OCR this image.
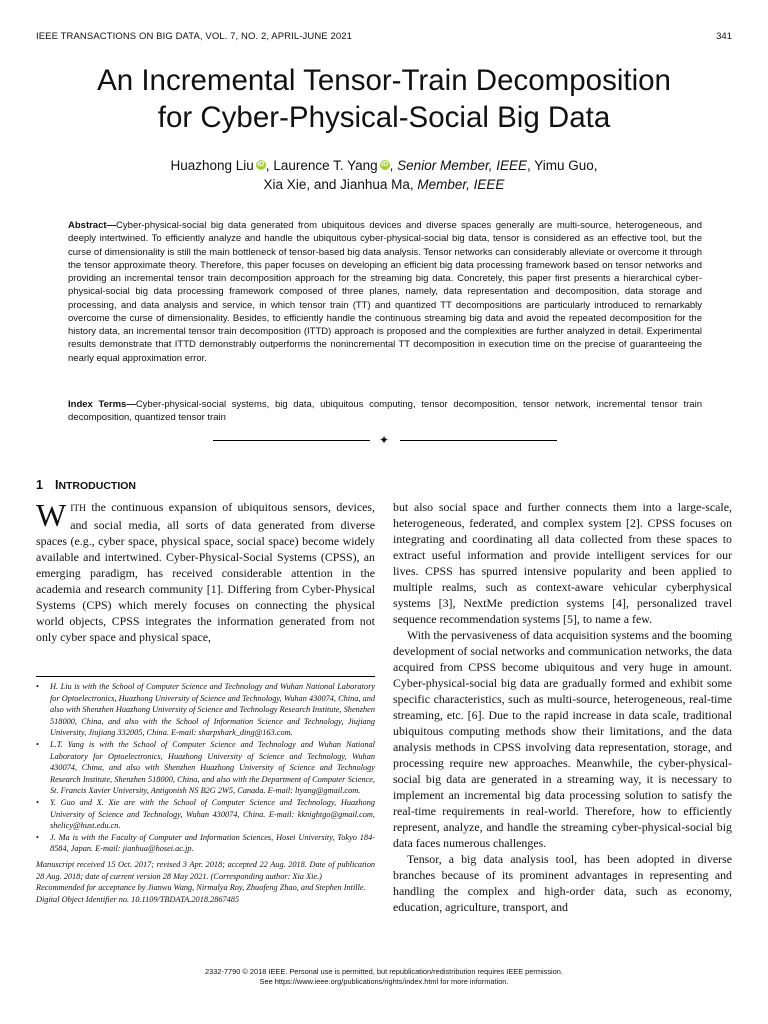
IEEE TRANSACTIONS ON BIG DATA, VOL. 7, NO. 2, APRIL-JUNE 2021	341
An Incremental Tensor-Train Decomposition
for Cyber-Physical-Social Big Data
Huazhong Liu iD , Laurence T. Yang iD , Senior Member, IEEE, Yimu Guo,
Xia Xie, and Jianhua Ma, Member, IEEE
Abstract—Cyber-physical-social big data generated from ubiquitous devices and diverse spaces generally are multi-source, heterogeneous, and deeply intertwined. To efficiently analyze and handle the ubiquitous cyber-physical-social big data, tensor is considered as an effective tool, but the curse of dimensionality is still the main bottleneck of tensor-based big data analysis. Tensor networks can considerably alleviate or overcome it through the tensor approximate theory. Therefore, this paper focuses on developing an efficient big data processing framework based on tensor networks and providing an incremental tensor train decomposition approach for the streaming big data. Concretely, this paper first presents a hierarchical cyber-physical-social big data processing framework composed of three planes, namely, data representation and decomposition, data storage and processing, and data analysis and service, in which tensor train (TT) and quantized TT decompositions are particularly introduced to remarkably overcome the curse of dimensionality. Besides, to efficiently handle the continuous streaming big data and avoid the repeated decomposition for the history data, an incremental tensor train decomposition (ITTD) approach is proposed and the complexities are further analyzed in detail. Experimental results demonstrate that ITTD demonstrably outperforms the nonincremental TT decomposition in execution time on the precise of guaranteeing the nearly equal approximation error.
Index Terms—Cyber-physical-social systems, big data, ubiquitous computing, tensor decomposition, tensor network, incremental tensor train decomposition, quantized tensor train
✦
1 INTRODUCTION

WITH the continuous expansion of ubiquitous sensors, devices, and social media, all sorts of data generated from diverse spaces (e.g., cyber space, physical space, social space) become widely available and intertwined. Cyber-Physical-Social Systems (CPSS), an emerging paradigm, has received considerable attention in the academia and research community [1]. Differing from Cyber-Physical Systems (CPS) which merely focuses on connecting the physical world objects, CPSS integrates the information generated from not only cyber space and physical space,

• H. Liu is with the School of Computer Science and Technology and Wuhan National Laboratory for Optoelectronics, Huazhong University of Science and Technology, Wuhan 430074, China, and also with Shenzhen Huazhong University of Science and Technology Research Institute, Shenzhen 518000, China, and also with the School of Information Science and Technology, Jiujiang University, Jiujiang 332005, China. E-mail: sharpshark_ding@163.com.
• L.T. Yang is with the School of Computer Science and Technology and Wuhan National Laboratory for Optoelectronics, Huazhong University of Science and Technology, Wuhan 430074, China, and also with Shenzhen Huazhong University of Science and Technology Research Institute, Shenzhen 518000, China, and also with the Department of Computer Science, St. Francis Xavier University, Antigonish NS B2G 2W5, Canada. E-mail: ltyang@gmail.com.
• Y. Guo and X. Xie are with the School of Computer Science and Technology, Huazhong University of Science and Technology, Wuhan 430074, China. E-mail: kknightgo@gmail.com, shelicy@hust.edu.cn.
• J. Ma is with the Faculty of Computer and Information Sciences, Hosei University, Tokyo 184-8584, Japan. E-mail: jianhua@hosei.ac.jp.
Manuscript received 15 Oct. 2017; revised 3 Apr. 2018; accepted 22 Aug. 2018. Date of publication 28 Aug. 2018; date of current version 28 May 2021. (Corresponding author: Xia Xie.)
Recommended for acceptance by Jianwu Wang, Nirmalya Roy, Zhuofeng Zhao, and Stephen Intille.
Digital Object Identifier no. 10.1109/TBDATA.2018.2867485

but also social space and further connects them into a large-scale, heterogeneous, federated, and complex system [2]. CPSS focuses on integrating and coordinating all data collected from these spaces to extract useful information and provide intelligent services for our lives. CPSS has spurred intensive popularity and been applied to multiple realms, such as context-aware vehicular cyberphysical systems [3], NextMe prediction systems [4], personalized travel sequence recommendation systems [5], to name a few.

With the pervasiveness of data acquisition systems and the booming development of social networks and communication networks, the data acquired from CPSS become ubiquitous and very huge in amount. Cyber-physical-social big data are gradually formed and exhibit some specific characteristics, such as multi-source, heterogeneous, real-time streaming, etc. [6]. Due to the rapid increase in data scale, traditional ubiquitous computing methods show their limitations, and the data analysis methods in CPSS involving data representation, storage, and processing require new approaches. Meanwhile, the cyber-physical-social big data are generated in a streaming way, it is necessary to implement an incremental big data processing solution to satisfy the real-time requirements in real-world. Therefore, how to efficiently represent, analyze, and handle the streaming cyber-physical-social big data faces numerous challenges.

Tensor, a big data analysis tool, has been adopted in diverse branches because of its prominent advantages in representing and handling the complex and high-order data, such as economy, education, agriculture, transport, and

2332-7790 © 2018 IEEE. Personal use is permitted, but republication/redistribution requires IEEE permission.
See https://www.ieee.org/publications/rights/index.html for more information.
